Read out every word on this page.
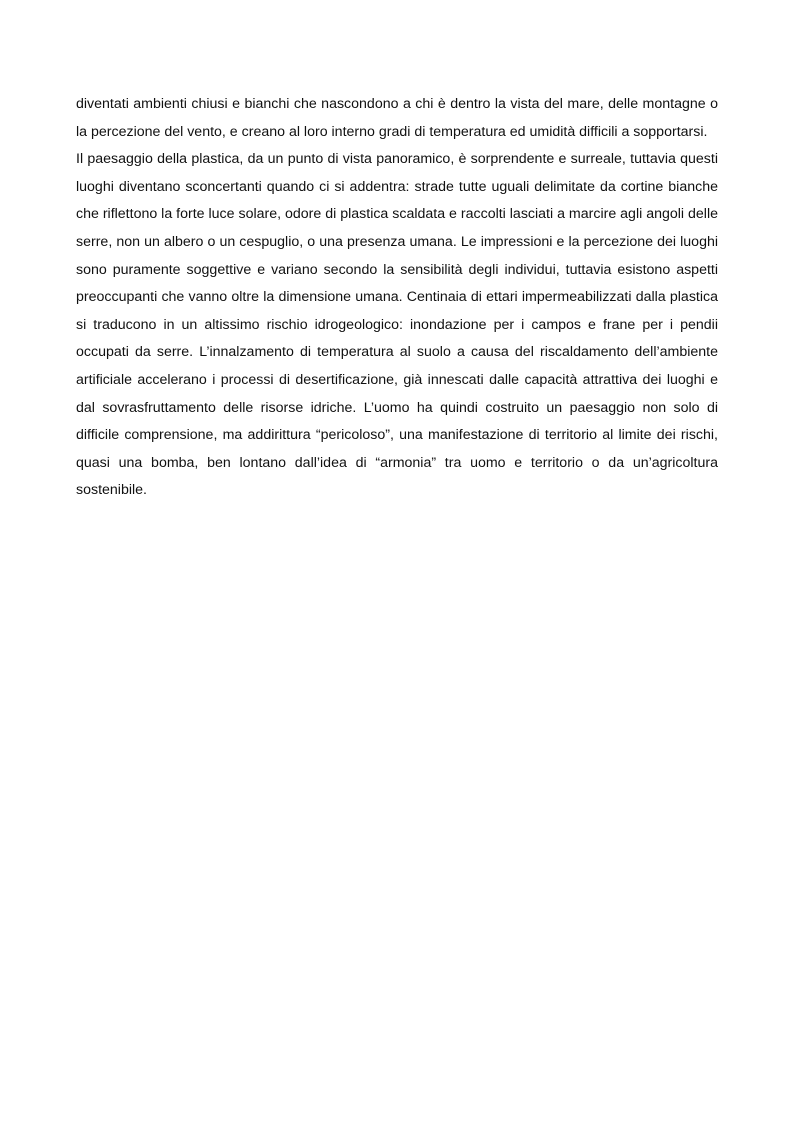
diventati ambienti chiusi e bianchi che nascondono a chi è dentro la vista del mare, delle montagne o la percezione del vento, e creano al loro interno gradi di temperatura ed umidità difficili a sopportarsi.

Il paesaggio della plastica, da un punto di vista panoramico, è sorprendente e surreale, tuttavia questi luoghi diventano sconcertanti quando ci si addentra: strade tutte uguali delimitate da cortine bianche che riflettono la forte luce solare, odore di plastica scaldata e raccolti lasciati a marcire agli angoli delle serre, non un albero o un cespuglio, o una presenza umana. Le impressioni e la percezione dei luoghi sono puramente soggettive e variano secondo la sensibilità degli individui, tuttavia esistono aspetti preoccupanti che vanno oltre la dimensione umana. Centinaia di ettari impermeabilizzati dalla plastica si traducono in un altissimo rischio idrogeologico: inondazione per i campos e frane per i pendii occupati da serre. L’innalzamento di temperatura al suolo a causa del riscaldamento dell’ambiente artificiale accelerano i processi di desertificazione, già innescati dalle capacità attrattiva dei luoghi e dal sovrasfruttamento delle risorse idriche. L’uomo ha quindi costruito un paesaggio non solo di difficile comprensione, ma addirittura “pericoloso”, una manifestazione di territorio al limite dei rischi, quasi una bomba, ben lontano dall’idea di “armonia” tra uomo e territorio o da un’agricoltura sostenibile.
